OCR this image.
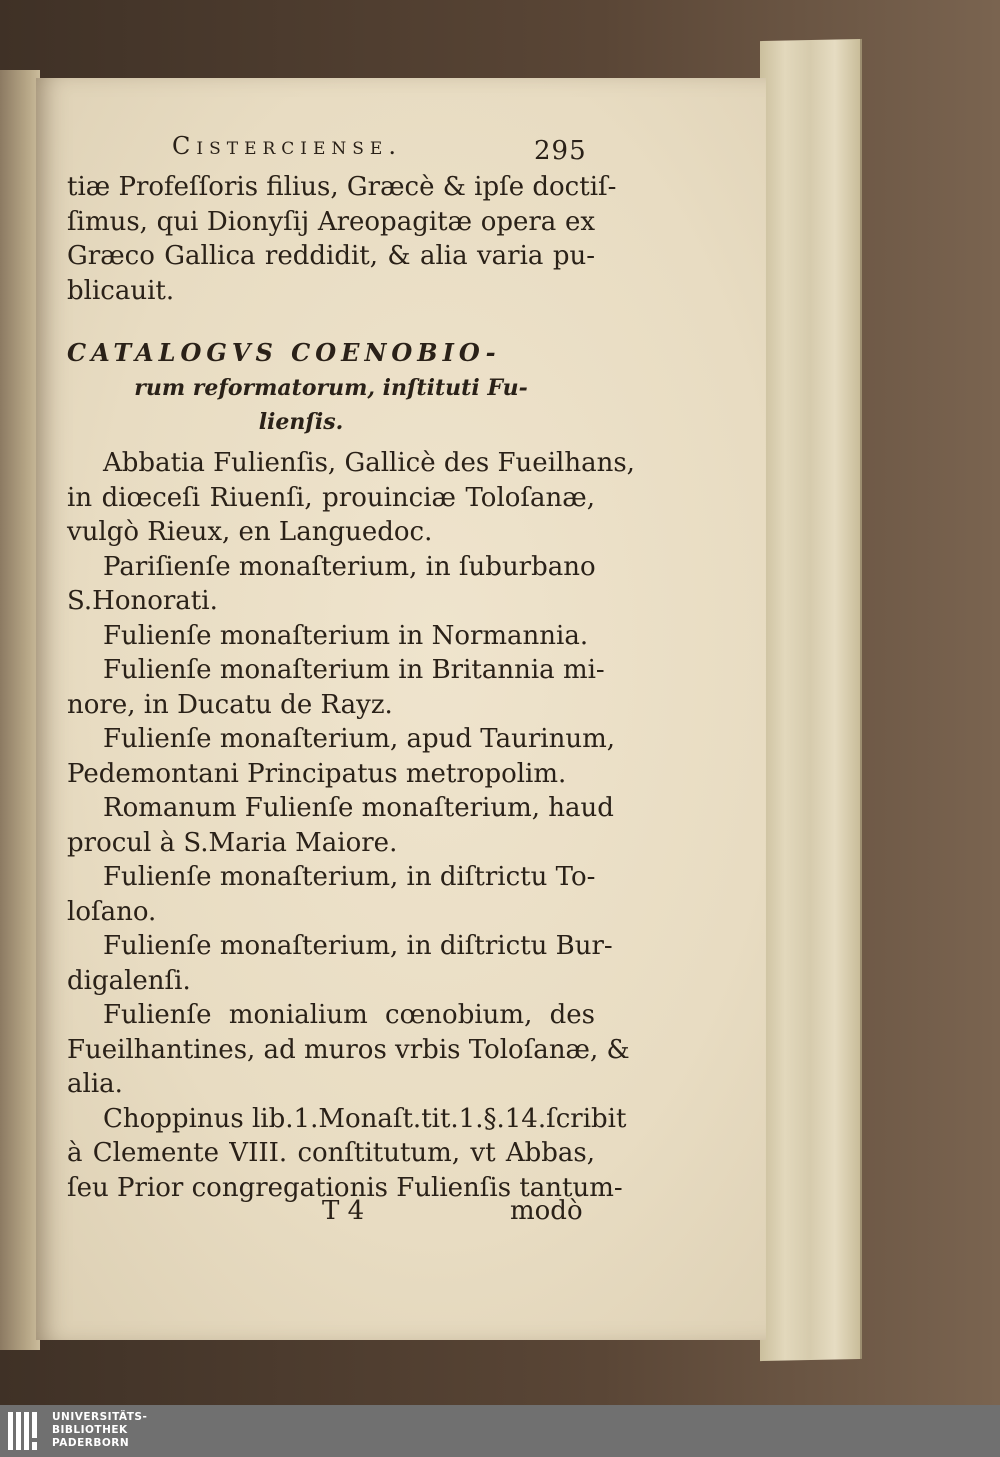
Cisterciense.	295
tiæ Profeſſoris filius, Græcè & ipſe doctiſ-
ſimus, qui Dionyſij Areopagitæ opera ex
Græco Gallica reddidit, & alia varia pu-
blicauit.
CATALOGVS COENOBIO-
rum reformatorum, inſtituti Fu-
lienſis.
Abbatia Fulienſis, Gallicè des Fueilhans,
in diœceſi Riuenſi, prouinciæ Toloſanæ,
vulgò Rieux, en Languedoc.
Pariſienſe monaſterium, in ſuburbano
S.Honorati.
Fulienſe monaſterium in Normannia.
Fulienſe monaſterium in Britannia mi-
nore, in Ducatu de Rayz.
Fulienſe monaſterium, apud Taurinum,
Pedemontani Principatus metropolim.
Romanum Fulienſe monaſterium, haud
procul à S.Maria Maiore.
Fulienſe monaſterium, in diſtrictu To-
loſano.
Fulienſe monaſterium, in diſtrictu Bur-
digalenſi.
Fulienſe monialium cœnobium, des
Fueilhantines, ad muros vrbis Toloſanæ, &
alia.
Choppinus lib.1.Monaſt.tit.1.§.14.ſcribit
à Clemente VIII. conſtitutum, vt Abbas,
ſeu Prior congregationis Fulienſis tantum-
T 4	modò
UNIVERSITÄTS-
BIBLIOTHEK
PADERBORN
